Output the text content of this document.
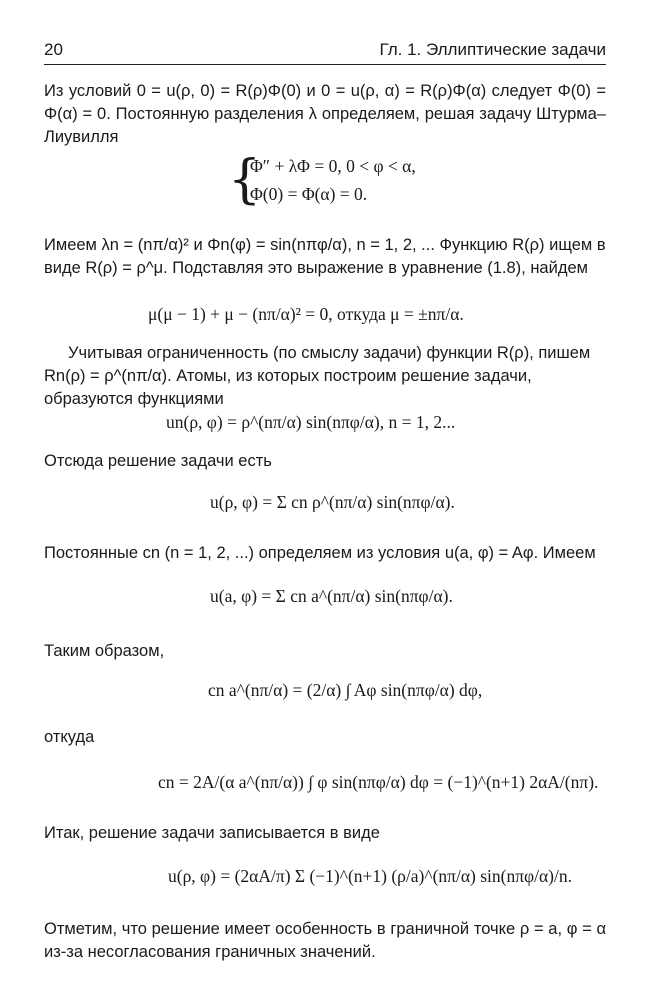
20	Гл. 1. Эллиптические задачи
Из условий 0 = u(ρ, 0) = R(ρ)Φ(0) и 0 = u(ρ, α) = R(ρ)Φ(α) следует Φ(0) = Φ(α) = 0. Постоянную разделения λ определяем, решая задачу Штурма–Лиувилля
{
Φ″ + λΦ = 0, 0 < φ < α,
Φ(0) = Φ(α) = 0.
Имеем λn = (nπ/α)² и Φn(φ) = sin(nπφ/α), n = 1, 2, ... Функцию R(ρ) ищем в виде R(ρ) = ρ^μ. Подставляя это выражение в уравнение (1.8), найдем
μ(μ − 1) + μ − (nπ/α)² = 0, откуда μ = ±nπ/α.
Учитывая ограниченность (по смыслу задачи) функции R(ρ), пишем Rn(ρ) = ρ^(nπ/α). Атомы, из которых построим решение задачи, образуются функциями
un(ρ, φ) = ρ^(nπ/α) sin(nπφ/α), n = 1, 2...
Отсюда решение задачи есть
u(ρ, φ) = Σ cn ρ^(nπ/α) sin(nπφ/α).
Постоянные cn (n = 1, 2, ...) определяем из условия u(a, φ) = Aφ. Имеем
u(a, φ) = Σ cn a^(nπ/α) sin(nπφ/α).
Таким образом,
cn a^(nπ/α) = (2/α) ∫ Aφ sin(nπφ/α) dφ,
откуда
cn = 2A/(α a^(nπ/α)) ∫ φ sin(nπφ/α) dφ = (−1)^(n+1) 2αA/(nπ).
Итак, решение задачи записывается в виде
u(ρ, φ) = (2αA/π) Σ (−1)^(n+1) (ρ/a)^(nπ/α) sin(nπφ/α)/n.
Отметим, что решение имеет особенность в граничной точке ρ = a, φ = α из-за несогласования граничных значений.
